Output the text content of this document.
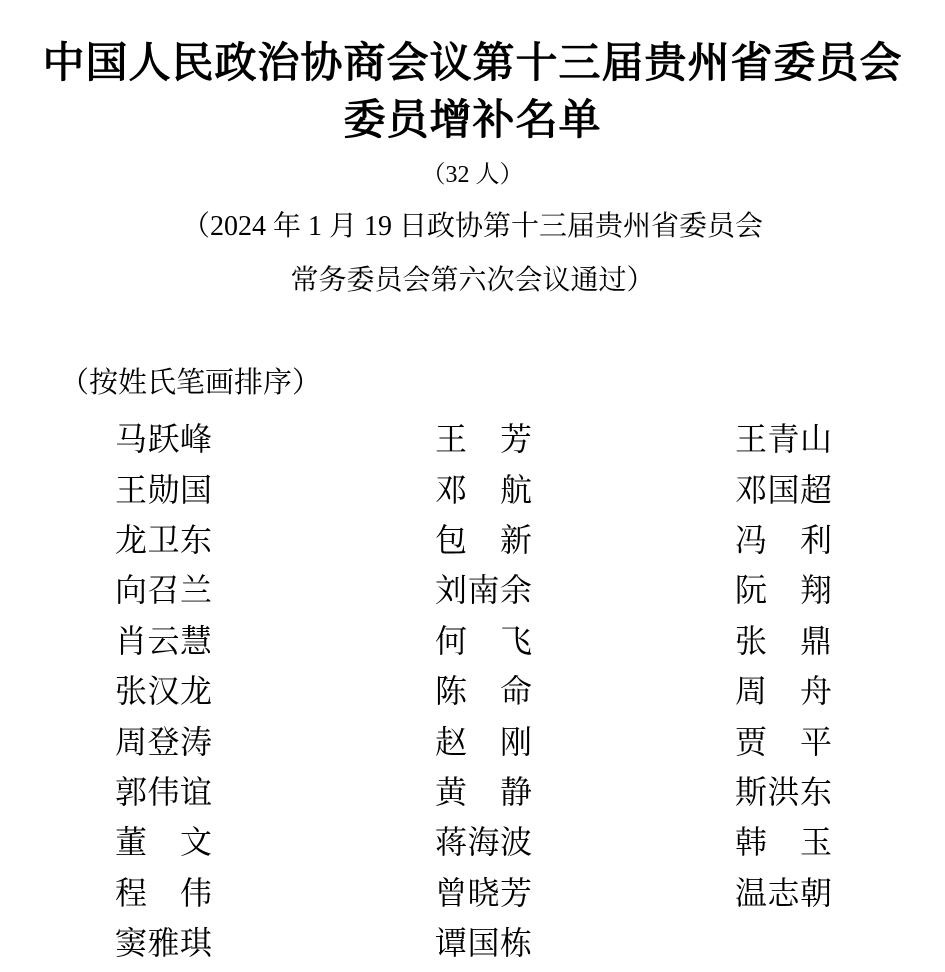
中国人民政治协商会议第十三届贵州省委员会
委员增补名单
（32 人）
（2024 年 1 月 19 日政协第十三届贵州省委员会
常务委员会第六次会议通过）
（按姓氏笔画排序）
马跃峰	王芳	王青山
王勋国	邓航	邓国超
龙卫东	包新	冯利
向召兰	刘南余	阮翔
肖云慧	何飞	张鼎
张汉龙	陈命	周舟
周登涛	赵刚	贾平
郭伟谊	黄静	斯洪东
董文	蒋海波	韩玉
程伟	曾晓芳	温志朝
窦雅琪	谭国栋
